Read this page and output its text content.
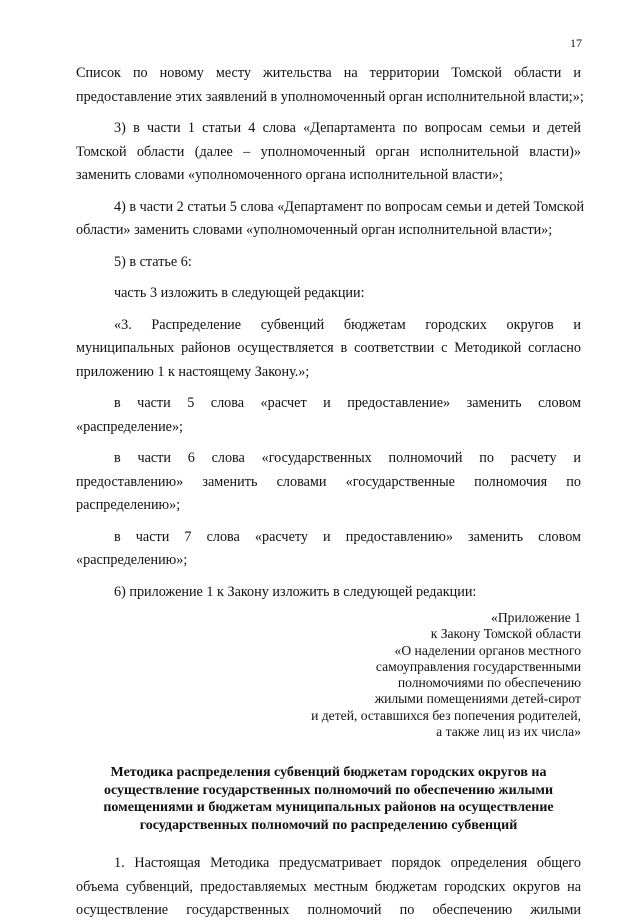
17
Список по новому месту жительства на территории Томской области и
предоставление этих заявлений в уполномоченный орган исполнительной власти;»;
3) в части 1 статьи 4 слова «Департамента по вопросам семьи и детей
Томской области (далее – уполномоченный орган исполнительной власти)»
заменить словами «уполномоченного органа исполнительной власти»;
4) в части 2 статьи 5 слова «Департамент по вопросам семьи и детей Томской
области» заменить словами «уполномоченный орган исполнительной власти»;
5) в статье 6:
часть 3 изложить в следующей редакции:
«3. Распределение субвенций бюджетам городских округов и
муниципальных районов осуществляется в соответствии с Методикой согласно
приложению 1 к настоящему Закону.»;
в части 5 слова «расчет и предоставление» заменить словом
«распределение»;
в части 6 слова «государственных полномочий по расчету и
предоставлению» заменить словами «государственные полномочия по
распределению»;
в части 7 слова «расчету и предоставлению» заменить словом
«распределению»;
6) приложение 1 к Закону изложить в следующей редакции:
«Приложение 1
к Закону Томской области
«О наделении органов местного
самоуправления государственными
полномочиями по обеспечению
жилыми помещениями детей-сирот
и детей, оставшихся без попечения родителей,
а также лиц из их числа»
Методика распределения субвенций бюджетам городских округов на
осуществление государственных полномочий по обеспечению жилыми
помещениями и бюджетам муниципальных районов на осуществление
государственных полномочий по распределению субвенций
1. Настоящая Методика предусматривает порядок определения общего
объема субвенций, предоставляемых местным бюджетам городских округов на
осуществление государственных полномочий по обеспечению жилыми
